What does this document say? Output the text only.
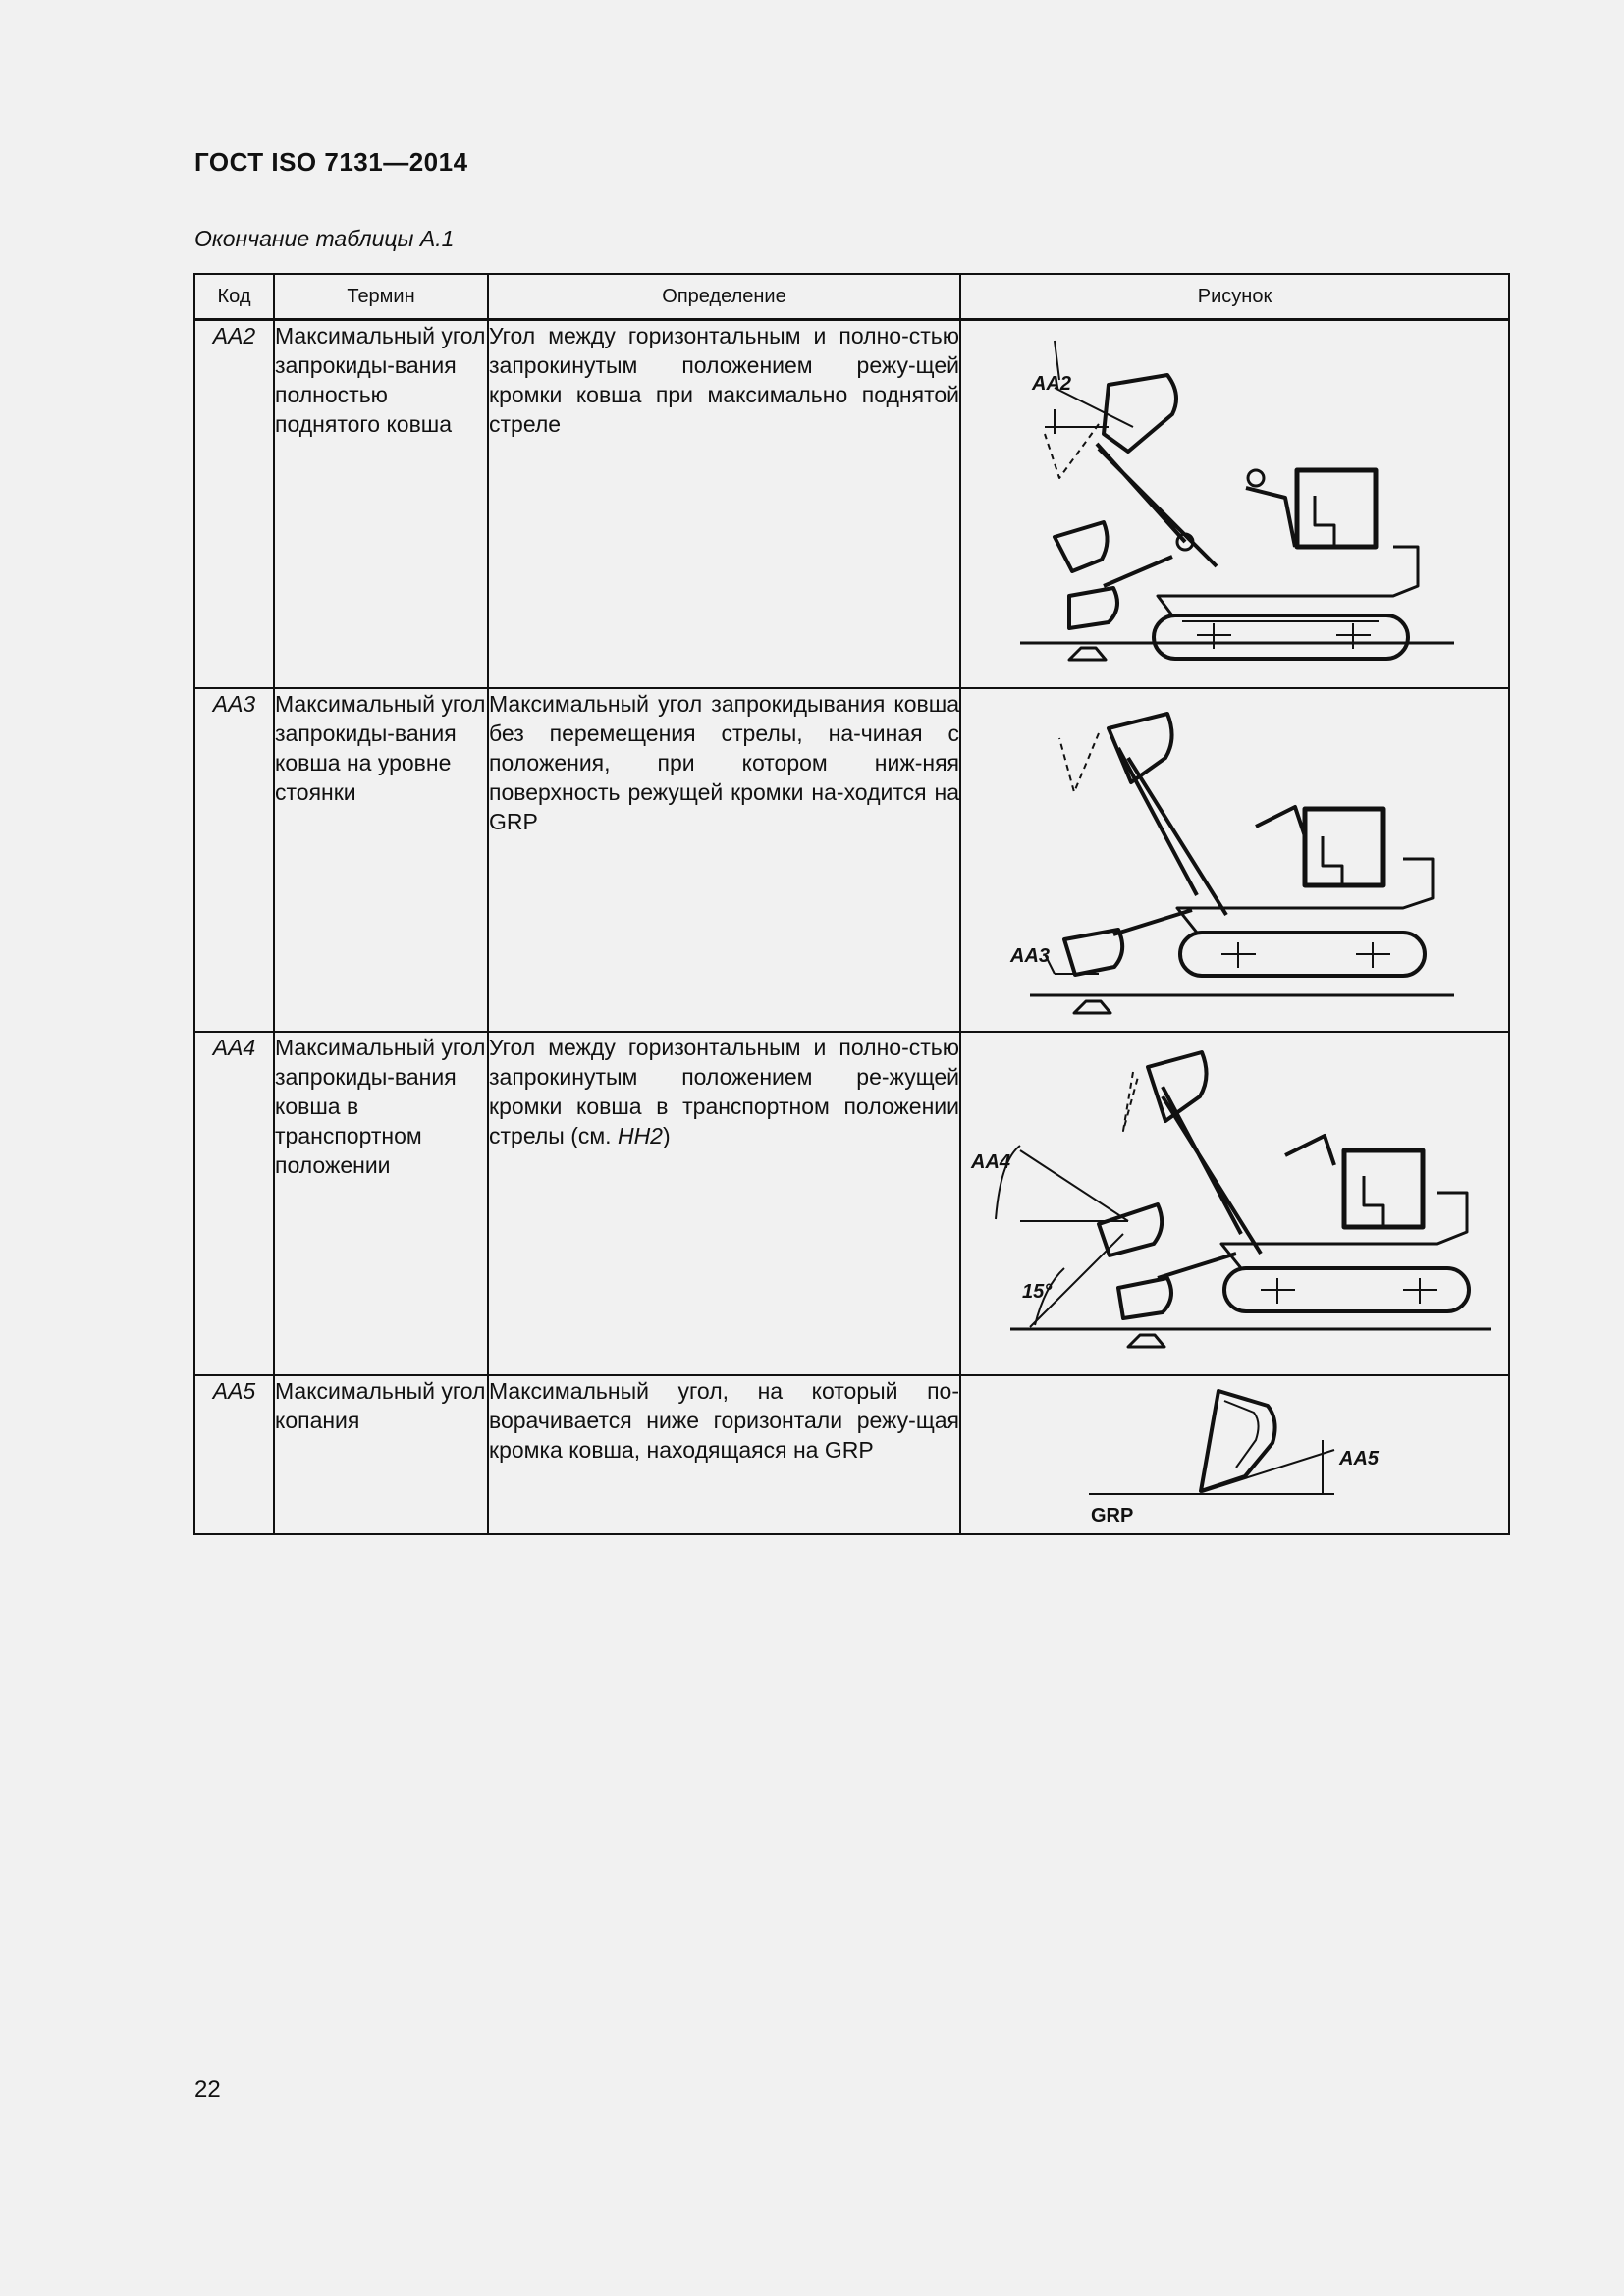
ГОСТ ISO 7131—2014
Окончание таблицы А.1
Код	Термин	Определение	Рисунок
AA2	Максимальный угол запрокиды-вания полностью поднятого ковша	Угол между горизонтальным и полно-стью запрокинутым положением режу-щей кромки ковша при максимально поднятой стреле	AA2

AA3	Максимальный угол запрокиды-вания ковша на уровне стоянки	Максимальный угол запрокидывания ковша без перемещения стрелы, на-чиная с положения, при котором ниж-няя поверхность режущей кромки на-ходится на GRP	AA3

AA4	Максимальный угол запрокиды-вания ковша в транспортном положении	Угол между горизонтальным и полно-стью запрокинутым положением ре-жущей кромки ковша в транспортном положении стрелы (см. HH2)	AA4
15°

AA5	Максимальный угол копания	Максимальный угол, на который по-ворачивается ниже горизонтали режу-щая кромка ковша, находящаяся на GRP	AA5
GRP
22
